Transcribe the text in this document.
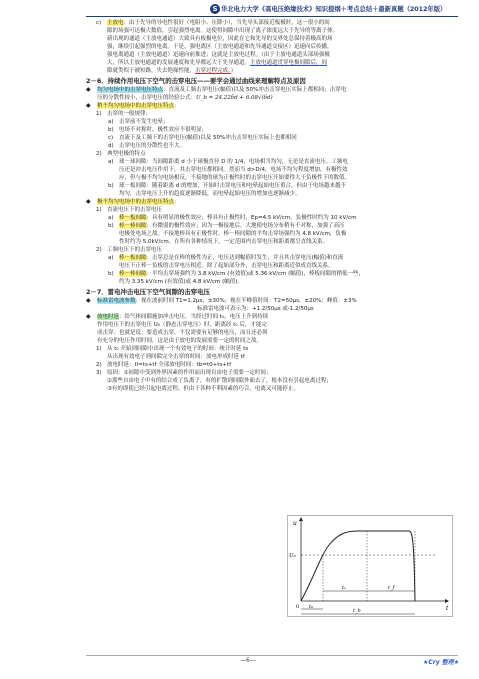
S 华北电力大学《高电压绝缘技术》知识提纲＋考点总结＋最新真题（2012年版）
c)	主放电：由于先导的导电性很好（电阻小、压降小），当先导头部接近板极时，这一很小的间
隙的场强可达极大数值，引起强烈电离。这使得间隙中出现了离子浓度远大于先导的等离子体。
新出现的通道（主放电通道）大致具有板极电位，因此在它和先导的交界处总保持着极高的场
强，继续引起强烈的电离。于是，强电离区（主放电通道和先导通道交接区）迅速向后传播，
强电离通道（主放电通道）迅速向前推进；这就是主放电过程。（由于主放电通道头部场强极
大，所以主放电通道的发展速度和先导都远大于先导通道。主放电通道贯穿电极间隙后，间
隙就类似于被短路，失去绝缘性能，击穿过程完成。）
2－6．持续作用电压下空气的击穿电压——要学会通过曲线来理解特点及原因
◆	均匀电场中的击穿电压特点：直流及工频击穿电压(幅值)以及 50%冲击击穿电压实际上都相同；击穿电
压的分散性较小，击穿电压的经验公式：U_b = 24.22δd + 6.08√(δd)
◆	稍不均匀电场中的击穿电压特点：
1) 击穿的一般规律：
a) 击穿前不发生电晕；
b) 电场不对称时，极性效应不很明显；
c)	直流下及工频下的击穿电压(幅值)以及 50%冲击击穿电压实际上也都相同
d) 击穿电压的分散性也不大。
2) 典型电极的特点
a) 球－球间隙：当间隙距离 d 小于球极直径 D 的 1/4，电场相当均匀，无论是直流电压、工频电
压还是冲击电压作用下，其击穿电压都相同。然而当 d>D/4，电场不均匀程度增加，有极性效
应，但与极不均匀电场相反，不接地的球为正极性时的击穿电压开始要得大于负极性下的数值。
b) 球－板间隙：随着距离 d 的增加，开始时击穿电压和电晕起始电压重合，但由于电场越来越不
均匀，击穿电压上升的趋度逐渐降低，而电晕起始电压的增加也逐渐减少。
◆	极不均匀电场中的击穿电压特点：
1) 直流电压下的击穿电压
a) 棒－板间隙：具有明显的极性效应；棒具有正极性时，Ep=4.5 kV/cm，负极性时约为 10 kV/cm
b) 棒－棒间隙：有微弱的极性效应；因为一极接地后，大地使电场分布稍有不对称，加强了高压
电极处电场之故。不接地棒具有正极性时，棒－棒间隙的平均击穿场强约为 4.8 kV/cm，负极
性时约为 5.0kV/cm。在所有各种情况下，一定范围内击穿电压和距离都呈直线关系。
2) 工频电压下的击穿电压
a) 棒－板间隙：击穿总是在棒的极性为正，电压达到幅值时发生，并且其击穿电压(幅值)和直流
电压下正棒－负板的击穿电压相近。除了起始部分外，击穿电压和距离近似成直线关系。
b) 棒－棒间隙：平均击穿场强约为 3.8 kV/cm (有效值)或 5.36 kV/cm (幅值)，棒板间隙的稍低一些，
约为 3.35 kV/cm (有效值)或 4.8 kV/cm (幅值)。
2－7．雷电冲击电压下空气间隙的击穿电压
◆	标准雷电波参数：视在波前时间 T1=1.2μs，±30%；视在半峰值时间：T2=50μs，±20%；峰值：±3%
标准雷电波可表示为：+1.2/50μs 或-1.2/50μs
◆	放电时延：给气体间隙施加冲击电压，当经过时间 t₀，电压上升到持续
作用电压下的击穿电压 U₀（静态击穿电压）时，距离经 t₀ 后，才能完
成击穿。也就是说：要造成击穿，不仅需要有足够的电压，而且还必须
有充分的电压作用时间，这是由于放电的发展需要一定的时间之故。
1) 从 t₀ 开始到间隙中出现一个有效电子的时间：统计时延 ts
从出现有效电子到间隙完全击穿的时间：放电形成时延 tf
2) 放电时延：tl=ts+tf 全部放电时间：tb=t0+ts+tf
3) 原因：①间隙中受到外界因素的作用而出现自由电子需要一定时间；
②那些自由电子中有的结合成了负离子，有的扩散到间隙外面去了，根本没有引起电离过程；
③有的即使已经引起电离过程，但由于各种不利因素的巧合，电离又可能停止。
u
U₀
t
0 t₀
tₛ	t_f
t_b
—6—	★Cry 整理★
